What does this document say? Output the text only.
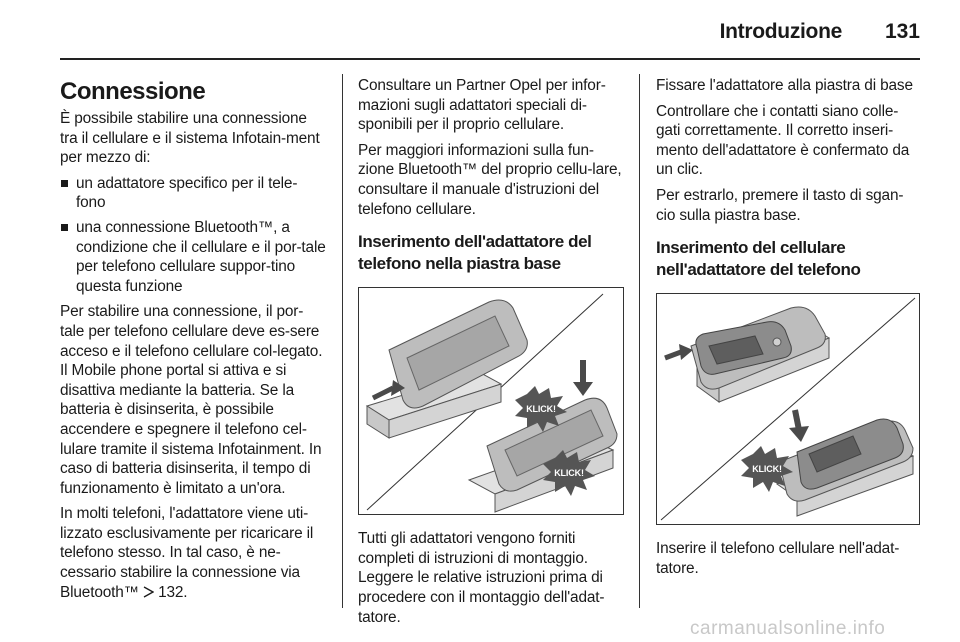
Introduzione 131
Connessione

È possibile stabilire una connessione tra il cellulare e il sistema Infotain-ment per mezzo di:

un adattatore specifico per il tele-fono
una connessione Bluetooth™, a condizione che il cellulare e il por-tale per telefono cellulare suppor-tino questa funzione

Per stabilire una connessione, il por-tale per telefono cellulare deve es-sere acceso e il telefono cellulare col-legato. Il Mobile phone portal si attiva e si disattiva mediante la batteria. Se la batteria è disinserita, è possibile accendere e spegnere il telefono cel-lulare tramite il sistema Infotainment. In caso di batteria disinserita, il tempo di funzionamento è limitato a un'ora.

In molti telefoni, l'adattatore viene uti-lizzato esclusivamente per ricaricare il telefono stesso. In tal caso, è ne-cessario stabilire la connessione via Bluetooth™ 132.

Consultare un Partner Opel per infor-mazioni sugli adattatori speciali di-sponibili per il proprio cellulare.

Per maggiori informazioni sulla fun-zione Bluetooth™ del proprio cellu-lare, consultare il manuale d'istruzioni del telefono cellulare.

Inserimento dell'adattatore del telefono nella piastra base
KLICK!
KLICK!

Tutti gli adattatori vengono forniti completi di istruzioni di montaggio. Leggere le relative istruzioni prima di procedere con il montaggio dell'adat-tatore.

Fissare l'adattatore alla piastra di base

Controllare che i contatti siano colle-gati correttamente. Il corretto inseri-mento dell'adattatore è confermato da un clic.

Per estrarlo, premere il tasto di sgan-cio sulla piastra base.

Inserimento del cellulare nell'adattatore del telefono
KLICK!

Inserire il telefono cellulare nell'adat-tatore.

carmanualsonline.info
